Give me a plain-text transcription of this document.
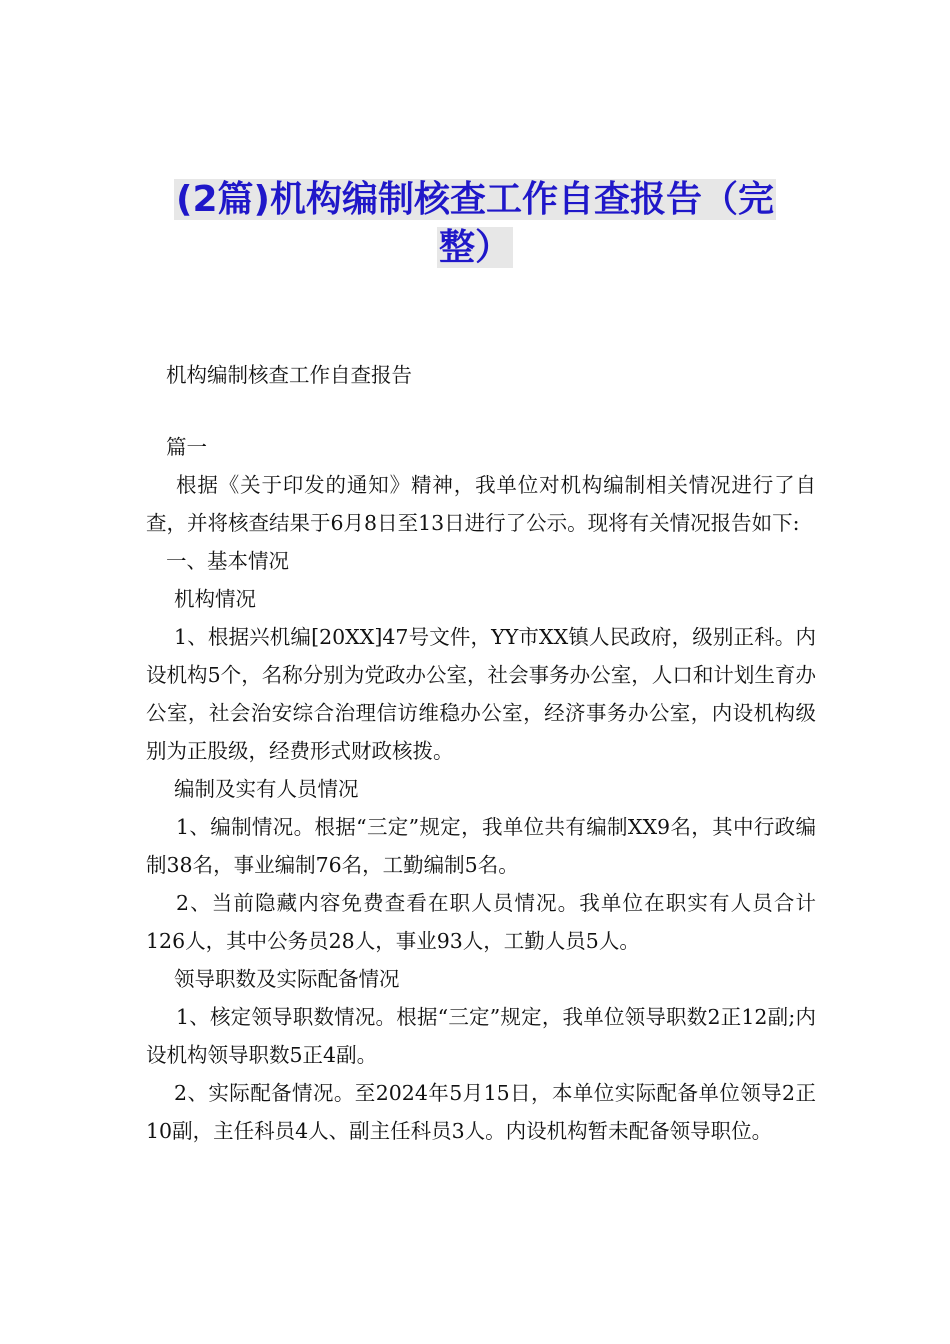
(2篇)机构编制核查工作自查报告（完
整）

机构编制核查工作自查报告

篇一

根据《关于印发的通知》精神，我单位对机构编制相关情况进行了自查，并将核查结果于6月8日至13日进行了公示。现将有关情况报告如下:

一、基本情况

机构情况

1、根据兴机编[20XX]47号文件，YY市XX镇人民政府，级别正科。内设机构5个，名称分别为党政办公室，社会事务办公室，人口和计划生育办公室，社会治安综合治理信访维稳办公室，经济事务办公室，内设机构级别为正股级，经费形式财政核拨。

编制及实有人员情况

1、编制情况。根据“三定”规定，我单位共有编制XX9名，其中行政编制38名，事业编制76名，工勤编制5名。

2、当前隐藏内容免费查看在职人员情况。我单位在职实有人员合计126人，其中公务员28人，事业93人，工勤人员5人。

领导职数及实际配备情况

1、核定领导职数情况。根据“三定”规定，我单位领导职数2正12副;内设机构领导职数5正4副。

2、实际配备情况。至2024年5月15日，本单位实际配备单位领导2正10副，主任科员4人、副主任科员3人。内设机构暂未配备领导职位。
